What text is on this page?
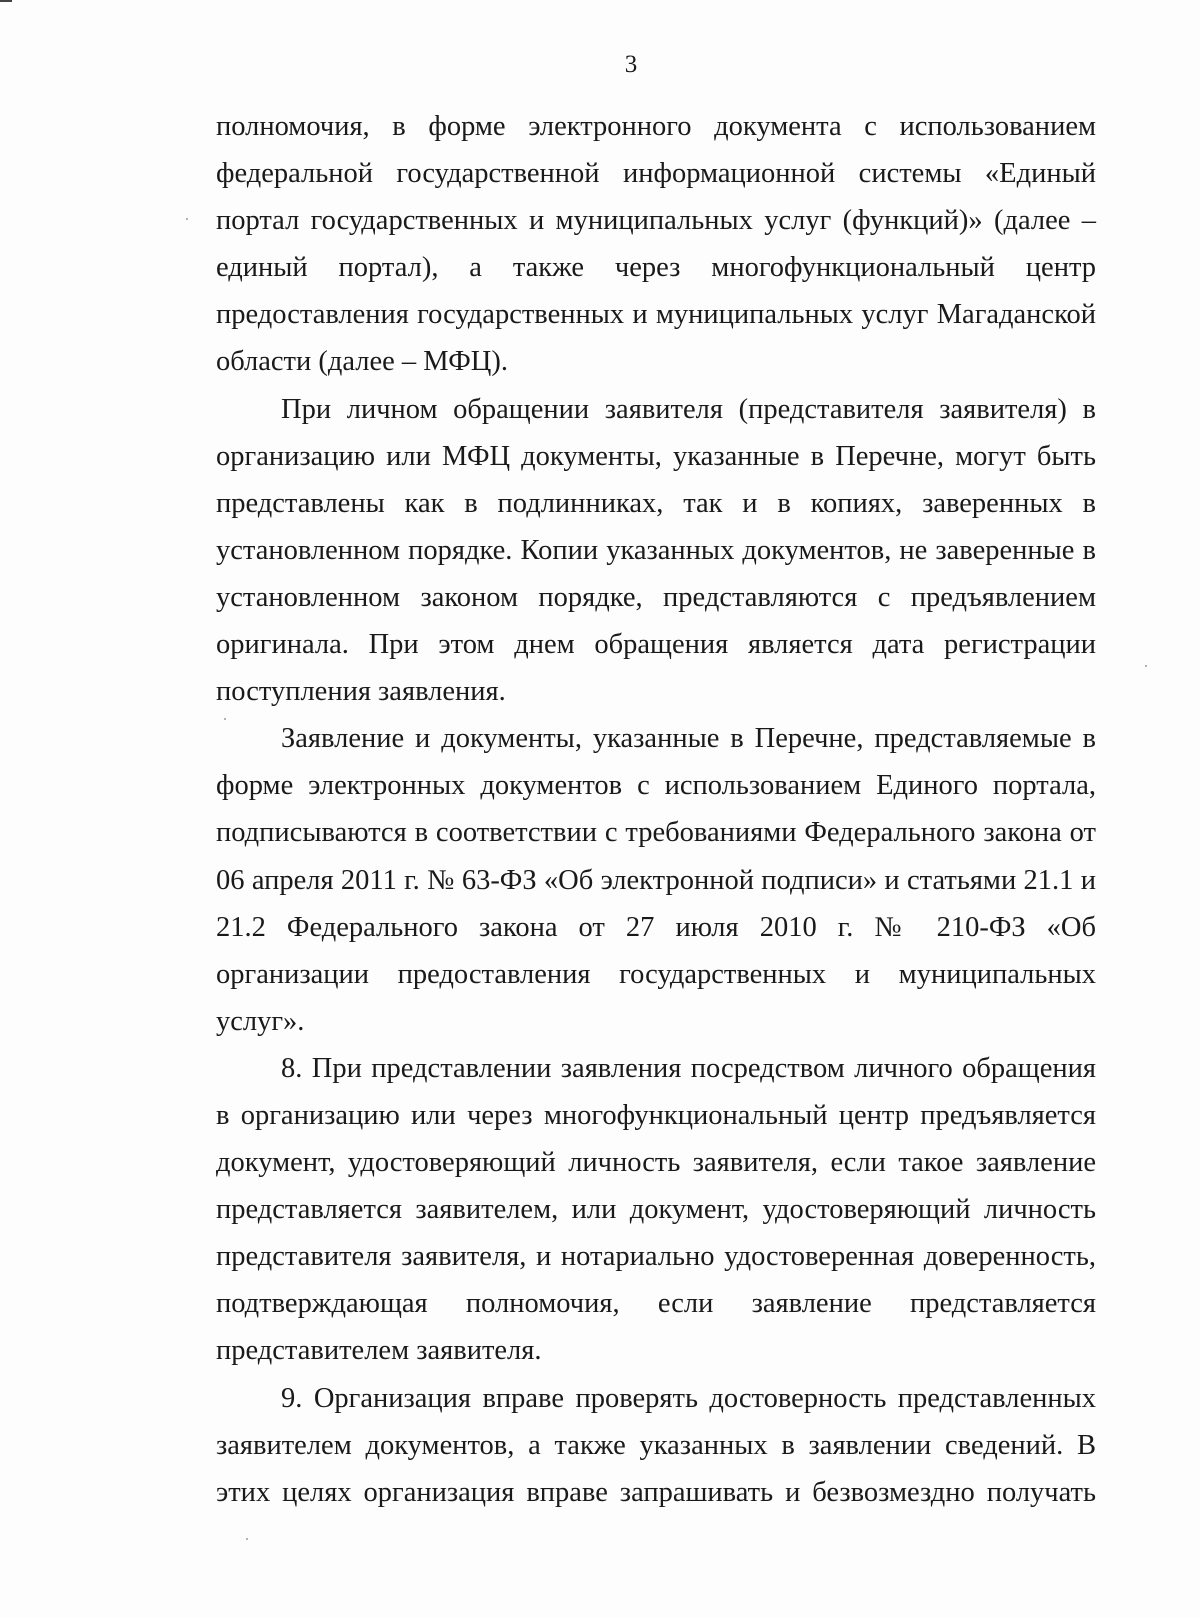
3

полномочия, в форме электронного документа с использованием федеральной государственной информационной системы «Единый портал государственных и муниципальных услуг (функций)» (далее – единый портал), а также через многофункциональный центр предоставления государственных и муниципальных услуг Магаданской области (далее – МФЦ).

При личном обращении заявителя (представителя заявителя) в организацию или МФЦ документы, указанные в Перечне, могут быть представлены как в подлинниках, так и в копиях, заверенных в установленном порядке. Копии указанных документов, не заверенные в установленном законом порядке, представляются с предъявлением оригинала. При этом днем обращения является дата регистрации поступления заявления.

Заявление и документы, указанные в Перечне, представляемые в форме электронных документов с использованием Единого портала, подписываются в соответствии с требованиями Федерального закона от 06 апреля 2011 г. № 63-ФЗ «Об электронной подписи» и статьями 21.1 и 21.2 Федерального закона от 27 июля 2010 г. № 210-ФЗ «Об организации предоставления государственных и муниципальных услуг».

8. При представлении заявления посредством личного обращения в организацию или через многофункциональный центр предъявляется документ, удостоверяющий личность заявителя, если такое заявление представляется заявителем, или документ, удостоверяющий личность представителя заявителя, и нотариально удостоверенная доверенность, подтверждающая полномочия, если заявление представляется представителем заявителя.

9. Организация вправе проверять достоверность представленных заявителем документов, а также указанных в заявлении сведений. В этих целях организация вправе запрашивать и безвозмездно получать
